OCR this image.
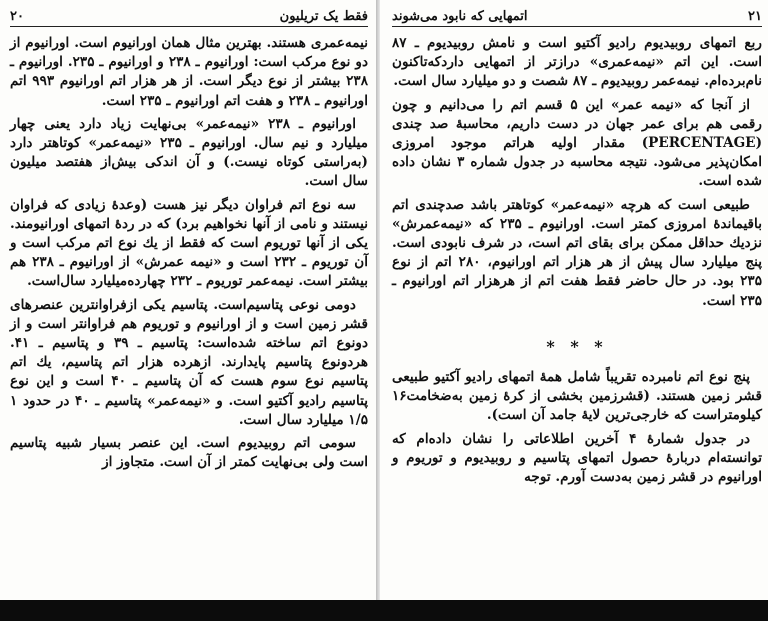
فقط یک تریلیون
۲۰

نیمه‌عمری هستند. بهترین مثال همان اورانیوم است. اورانیوم از دو نوع مرکب است: اورانیوم ـ ۲۳۸ و اورانیوم ـ ۲۳۵. اورانیوم ـ ۲۳۸ بیشتر از نوع دیگر است. از هر هزار اتم اورانیوم ۹۹۳ اتم اورانیوم ـ ۲۳۸ و هفت اتم اورانیوم ـ ۲۳۵ است.

اورانیوم ـ ۲۳۸ «نیمه‌عمر» بی‌نهایت زیاد دارد یعنی چهار میلیارد و نیم سال. اورانیوم ـ ۲۳۵ «نیمه‌عمر» کوتاهتر دارد (به‌راستی کوتاه نیست.) و آن اندکی بیش‌از هفتصد میلیون سال است.

سه نوع اتم فراوان دیگر نیز هست (وعدهٔ زیادی که فراوان نیستند و نامی از آنها نخواهیم برد) که در ردهٔ اتمهای اورانیومند. یکی از آنها توریوم است که فقط از یك نوع اتم مرکب است و آن توریوم ـ ۲۳۲ است و «نیمه عمرش» از اورانیوم ـ ۲۳۸ هم بیشتر است. نیمه‌عمر توریوم ـ ۲۳۲ چهارده‌میلیارد سال‌است.

دومی نوعی پتاسیم‌است. پتاسیم یکی ازفراوانترین عنصرهای قشر زمین است و از اورانیوم و توریوم هم فراوانتر است و از دونوع اتم ساخته شده‌است: پتاسیم ـ ۳۹ و پتاسیم ـ ۴۱. هردونوع پتاسیم پایدارند. ازهرده هزار اتم پتاسیم، یك اتم پتاسیم نوع سوم هست که آن پتاسیم ـ ۴۰ است و این نوع پتاسیم رادیو آکتیو است. و «نیمه‌عمر» پتاسیم ـ ۴۰ در حدود ۱ ۱/۵ میلیارد سال است.

سومی اتم روبیدیوم است. این عنصر بسیار شبیه پتاسیم است ولی بی‌نهایت کمتر از آن است. متجاوز از

۲۱
اتمهایی که نابود می‌شوند

ربع اتمهای روبیدیوم رادیو آکتیو است و نامش روبیدیوم ـ ۸۷ است. این اتم «نیمه‌عمری» درازتر از اتمهایی داردکه‌تاکنون نام‌برده‌ام. نیمه‌عمر روبیدیوم ـ ۸۷ شصت و دو میلیارد سال است.

از آنجا که «نیمه عمر» این ۵ قسم اتم را می‌دانیم و چون رقمی هم برای عمر جهان در دست داریم، محاسبهٔ صد چندی (PERCENTAGE) مقدار اولیه هراتم موجود امروزی امکان‌پذیر می‌شود. نتیجه محاسبه در جدول شماره ۳ نشان داده شده است.

طبیعی است که هرچه «نیمه‌عمر» کوتاهتر باشد صدچندی اتم باقیماندهٔ امروزی کمتر است. اورانیوم ـ ۲۳۵ که «نیمه‌عمرش» نزدیك حداقل ممکن برای بقای اتم است، در شرف نابودی است. پنج میلیارد سال پیش از هر هزار اتم اورانیوم، ۲۸۰ اتم از نوع ۲۳۵ بود. در حال حاضر فقط هفت اتم از هرهزار اتم اورانیوم ـ ۲۳۵ است.

* * *

پنج نوع اتم نامبرده تقریباً شامل همهٔ اتمهای رادیو آکتیو طبیعی قشر زمین هستند. (قشرزمین بخشی از کرهٔ زمین به‌ضخامت۱۶ کیلومتراست که خارجی‌ترین لایهٔ جامد آن است).

در جدول شمارهٔ ۴ آخرین اطلاعاتی را نشان داده‌ام که توانسته‌ام دربارهٔ حصول اتمهای پتاسیم و روبیدیوم و توریوم و اورانیوم در قشر زمین به‌دست آورم. توجه
